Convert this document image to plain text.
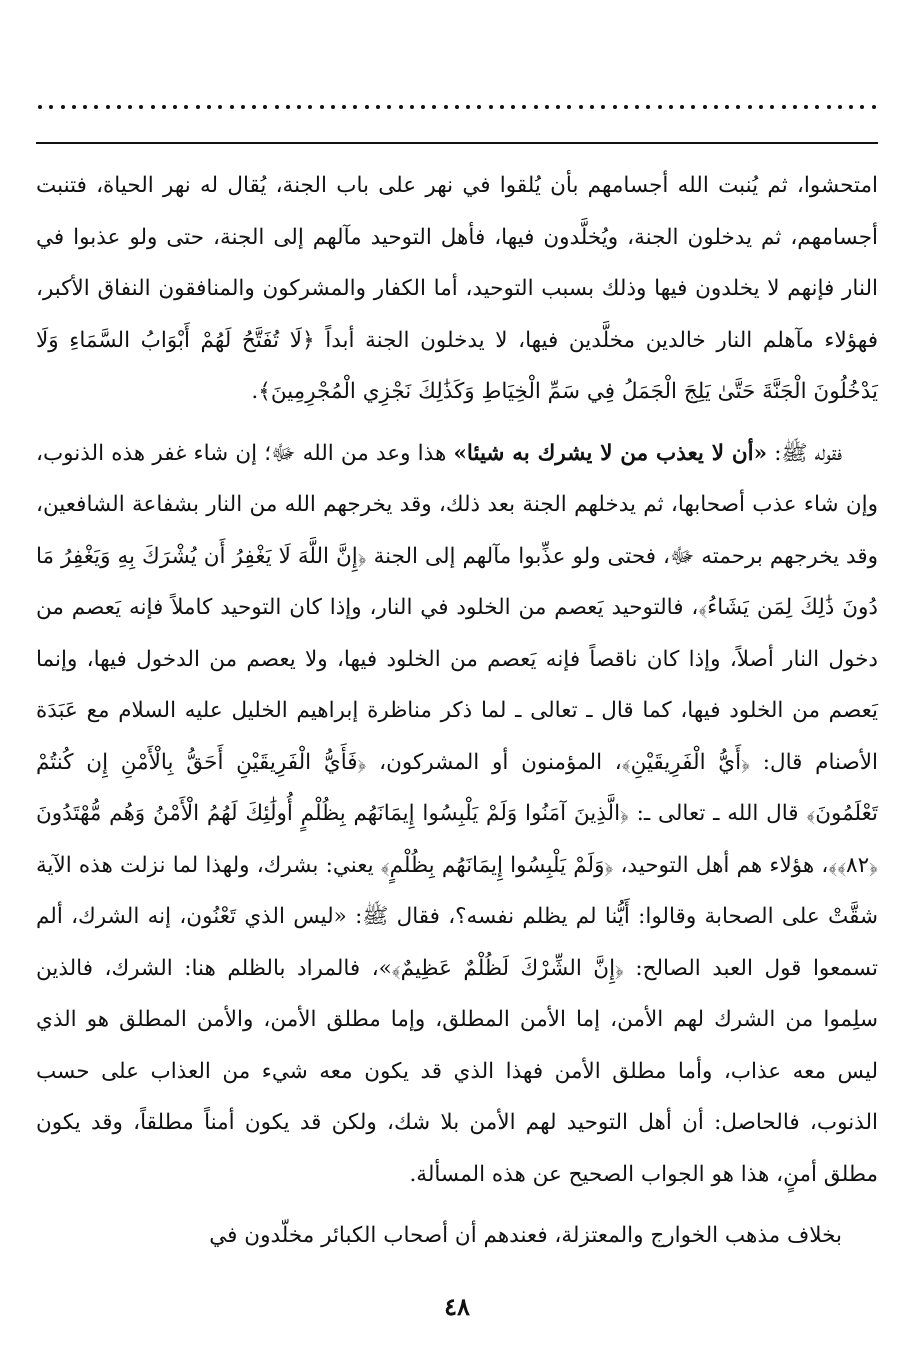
امتحشوا، ثم يُنبت الله أجسامهم بأن يُلقوا في نهر على باب الجنة، يُقال له نهر الحياة، فتنبت أجسامهم، ثم يدخلون الجنة، ويُخلَّدون فيها، فأهل التوحيد مآلهم إلى الجنة، حتى ولو عذبوا في النار فإنهم لا يخلدون فيها وذلك بسبب التوحيد، أما الكفار والمشركون والمنافقون النفاق الأكبر، فهؤلاء مآهلم النار خالدين مخلَّدين فيها، لا يدخلون الجنة أبداً ﴿لَا تُفَتَّحُ لَهُمْ أَبْوَابُ السَّمَاءِ وَلَا يَدْخُلُونَ الْجَنَّةَ حَتَّىٰ يَلِجَ الْجَمَلُ فِي سَمِّ الْخِيَاطِ وَكَذَٰلِكَ نَجْزِي الْمُجْرِمِينَ﴾.

فقوله ﷺ: «أن لا يعذب من لا يشرك به شيئا» هذا وعد من الله ﷻ؛ إن شاء غفر هذه الذنوب، وإن شاء عذب أصحابها، ثم يدخلهم الجنة بعد ذلك، وقد يخرجهم الله من النار بشفاعة الشافعين، وقد يخرجهم برحمته ﷻ، فحتى ولو عذِّبوا مآلهم إلى الجنة ﴿إِنَّ اللَّهَ لَا يَغْفِرُ أَن يُشْرَكَ بِهِ وَيَغْفِرُ مَا دُونَ ذَٰلِكَ لِمَن يَشَاءُ﴾، فالتوحيد يَعصم من الخلود في النار، وإذا كان التوحيد كاملاً فإنه يَعصم من دخول النار أصلاً، وإذا كان ناقصاً فإنه يَعصم من الخلود فيها، ولا يعصم من الدخول فيها، وإنما يَعصم من الخلود فيها، كما قال ـ تعالى ـ لما ذكر مناظرة إبراهيم الخليل عليه السلام مع عَبَدَة الأصنام قال: ﴿أَيُّ الْفَرِيقَيْنِ﴾، المؤمنون أو المشركون، ﴿فَأَيُّ الْفَرِيقَيْنِ أَحَقُّ بِالْأَمْنِ إِن كُنتُمْ تَعْلَمُونَ﴾ قال الله ـ تعالى ـ: ﴿الَّذِينَ آمَنُوا وَلَمْ يَلْبِسُوا إِيمَانَهُم بِظُلْمٍ أُولَٰئِكَ لَهُمُ الْأَمْنُ وَهُم مُّهْتَدُونَ ﴿٨٢﴾﴾، هؤلاء هم أهل التوحيد، ﴿وَلَمْ يَلْبِسُوا إِيمَانَهُم بِظُلْمٍ﴾ يعني: بشرك، ولهذا لما نزلت هذه الآية شقَّتْ على الصحابة وقالوا: أَيُّنا لم يظلم نفسه؟، فقال ﷺ: «ليس الذي تَعْنُون، إنه الشرك، ألم تسمعوا قول العبد الصالح: ﴿إِنَّ الشِّرْكَ لَظُلْمٌ عَظِيمٌ﴾»، فالمراد بالظلم هنا: الشرك، فالذين سلِموا من الشرك لهم الأمن، إما الأمن المطلق، وإما مطلق الأمن، والأمن المطلق هو الذي ليس معه عذاب، وأما مطلق الأمن فهذا الذي قد يكون معه شيء من العذاب على حسب الذنوب، فالحاصل: أن أهل التوحيد لهم الأمن بلا شك، ولكن قد يكون أمناً مطلقاً، وقد يكون مطلق أمنٍ، هذا هو الجواب الصحيح عن هذه المسألة.

بخلاف مذهب الخوارج والمعتزلة، فعندهم أن أصحاب الكبائر مخلّدون في

٤٨
